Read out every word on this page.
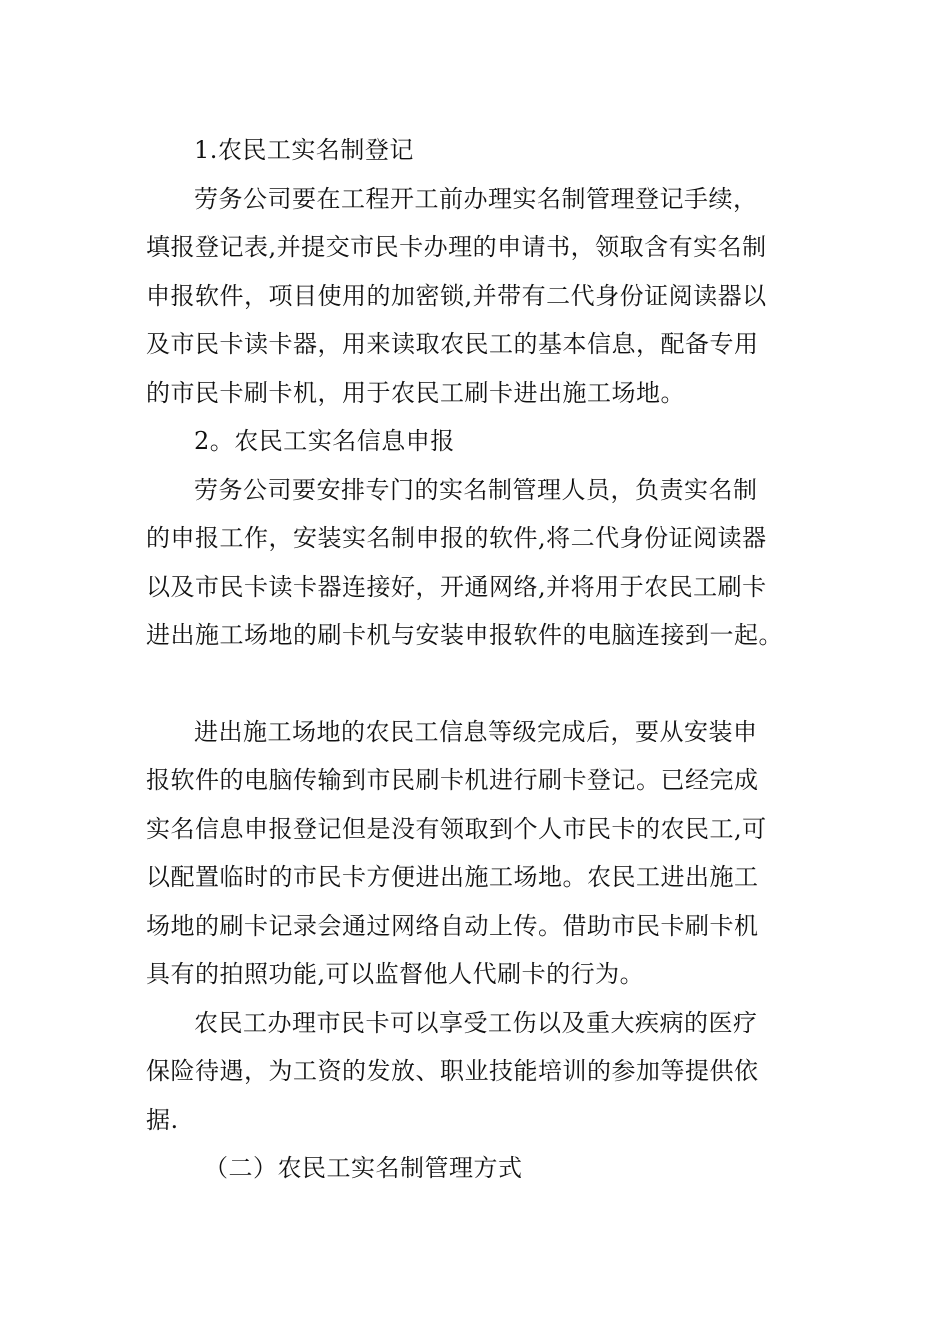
1.农民工实名制登记
劳务公司要在工程开工前办理实名制管理登记手续，
填报登记表,并提交市民卡办理的申请书，领取含有实名制
申报软件，项目使用的加密锁,并带有二代身份证阅读器以
及市民卡读卡器，用来读取农民工的基本信息，配备专用
的市民卡刷卡机，用于农民工刷卡进出施工场地。
2。农民工实名信息申报
劳务公司要安排专门的实名制管理人员，负责实名制
的申报工作，安装实名制申报的软件,将二代身份证阅读器
以及市民卡读卡器连接好，开通网络,并将用于农民工刷卡
进出施工场地的刷卡机与安装申报软件的电脑连接到一起。
进出施工场地的农民工信息等级完成后，要从安装申
报软件的电脑传输到市民刷卡机进行刷卡登记。已经完成
实名信息申报登记但是没有领取到个人市民卡的农民工,可
以配置临时的市民卡方便进出施工场地。农民工进出施工
场地的刷卡记录会通过网络自动上传。借助市民卡刷卡机
具有的拍照功能,可以监督他人代刷卡的行为。
农民工办理市民卡可以享受工伤以及重大疾病的医疗
保险待遇，为工资的发放、职业技能培训的参加等提供依
据.
（二）农民工实名制管理方式
